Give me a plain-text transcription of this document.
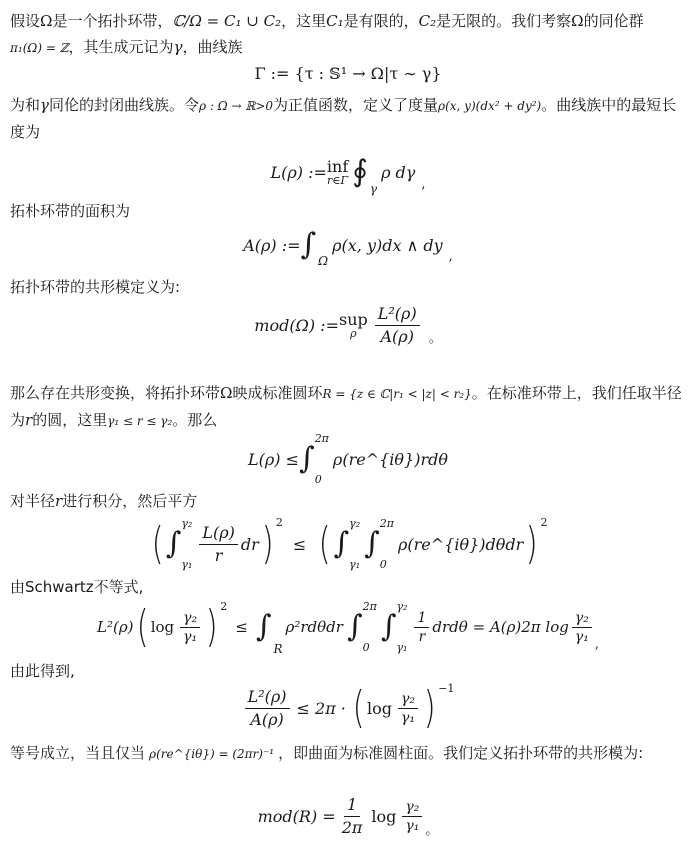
假设Ω是一个拓扑环带，ℂ/Ω = C₁ ∪ C₂，这里C₁是有限的，C₂是无限的。我们考察Ω的同伦群π₁(Ω) = ℤ，其生成元记为γ，曲线族
Γ := {τ : 𝕊¹ → Ω|τ ∼ γ}
为和γ同伦的封闭曲线族。令ρ : Ω → ℝ>0为正值函数，定义了度量ρ(x, y)(dx² + dy²)。曲线族中的最短长度为
L(ρ) := inf
r∈Γ ∮ γ
ρ dγ
,
拓朴环带的面积为
A(ρ) := ∫ Ω
ρ(x, y)dx ∧ dy
,
拓扑环带的共形模定义为:
mod(Ω) := sup
ρ $\frac{\text{L²(ρ)}}{A(\rho)}$ 。
那么存在共形变换，将拓扑环带Ω映成标准圆环R = {z ∈ ℂ|r₁ < |z| < r₂}。在标准环带上，我们任取半径为r的圆，这里γ₁ ≤ r ≤ γ₂。那么
L(ρ) ≤ ∫
2π
0
ρ(re^{iθ})rdθ
对半径r进行积分，然后平方
( ∫
γ₂
$\gamma_1 \frac{L(\rho)}{r}$ dr ) 2
≤ ( ∫
γ₂
γ₁
∫
2π
0
ρ(re^{iθ})dθdr ) 2
由Schwartz不等式,
L²(ρ) ( $\log \frac{\text{γ₂}}{\text{γ₁}}$ ) 2
≤ ∫
R
ρ²rdθdr ∫
2π
0
∫
γ₂
γ₁
$\frac{1}{r}$ drdθ = A(ρ)2π $\log \frac{\text{γ₂}}{\text{γ₁}}$ ,
由此得到,
$\frac{\text{L²(ρ)}}{A(\rho)} \le 2\pi$ · ( $\log \frac{\text{γ₂}}{\text{γ₁}}$ ) −1
等号成立，当且仅当 ρ(re^{iθ}) = (2πr)⁻¹ ，即曲面为标准圆柱面。我们定义拓扑环带的共形模为:
$mod(R) = \frac{1}{2\pi}$ $\log \frac{\text{γ₂}}{\text{γ₁}}$ 。
